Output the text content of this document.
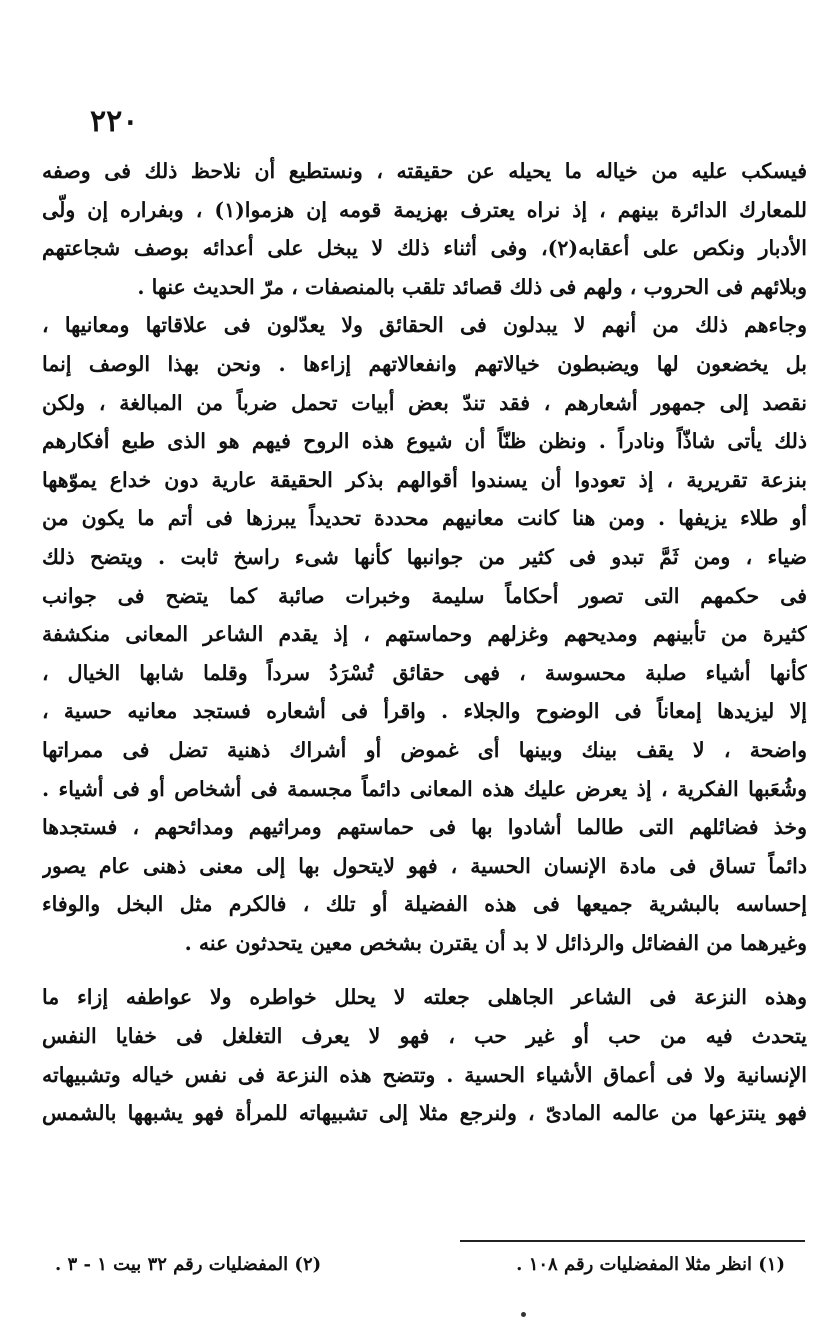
٢٢٠
فيسكب عليه من خياله ما يحيله عن حقيقته ، ونستطيع أن نلاحظ ذلك فى وصفه
للمعارك الدائرة بينهم ، إذ نراه يعترف بهزيمة قومه إن هزموا(١) ، وبفراره إن ولّى
الأدبار ونكص على أعقابه(٢)، وفى أثناء ذلك لا يبخل على أعدائه بوصف شجاعتهم
وبلائهم فى الحروب ، ولهم فى ذلك قصائد تلقب بالمنصفات ، مرّ الحديث عنها .
وجاءهم ذلك من أنهم لا يبدلون فى الحقائق ولا يعدّلون فى علاقاتها ومعانيها ،
بل يخضعون لها ويضبطون خيالاتهم وانفعالاتهم إزاءها . ونحن بهذا الوصف إنما
نقصد إلى جمهور أشعارهم ، فقد تندّ بعض أبيات تحمل ضرباً من المبالغة ، ولكن
ذلك يأتى شاذّاً ونادراً . ونظن ظنّاً أن شيوع هذه الروح فيهم هو الذى طبع أفكارهم
بنزعة تقريرية ، إذ تعودوا أن يسندوا أقوالهم بذكر الحقيقة عارية دون خداع يموّهها
أو طلاء يزيفها . ومن هنا كانت معانيهم محددة تحديداً يبرزها فى أتم ما يكون من
ضياء ، ومن ثَمَّ تبدو فى كثير من جوانبها كأنها شىء راسخ ثابت . ويتضح ذلك
فى حكمهم التى تصور أحكاماً سليمة وخبرات صائبة كما يتضح فى جوانب
كثيرة من تأبينهم ومديحهم وغزلهم وحماستهم ، إذ يقدم الشاعر المعانى منكشفة
كأنها أشياء صلبة محسوسة ، فهى حقائق تُسْرَدُ سرداً وقلما شابها الخيال ،
إلا ليزيدها إمعاناً فى الوضوح والجلاء . واقرأ فى أشعاره فستجد معانيه حسية ،
واضحة ، لا يقف بينك وبينها أى غموض أو أشراك ذهنية تضل فى ممراتها
وشُعَبها الفكرية ، إذ يعرض عليك هذه المعانى دائماً مجسمة فى أشخاص أو فى أشياء .
وخذ فضائلهم التى طالما أشادوا بها فى حماستهم ومراثيهم ومدائحهم ، فستجدها
دائماً تساق فى مادة الإنسان الحسية ، فهو لايتحول بها إلى معنى ذهنى عام يصور
إحساسه بالبشرية جميعها فى هذه الفضيلة أو تلك ، فالكرم مثل البخل والوفاء
وغيرهما من الفضائل والرذائل لا بد أن يقترن بشخص معين يتحدثون عنه .
وهذه النزعة فى الشاعر الجاهلى جعلته لا يحلل خواطره ولا عواطفه إزاء ما
يتحدث فيه من حب أو غير حب ، فهو لا يعرف التغلغل فى خفايا النفس
الإنسانية ولا فى أعماق الأشياء الحسية . وتتضح هذه النزعة فى نفس خياله وتشبيهاته
فهو ينتزعها من عالمه المادىّ ، ولنرجع مثلا إلى تشبيهاته للمرأة فهو يشبهها بالشمس
(١) انظر مثلا المفضليات رقم ١٠٨ .
(٢) المفضليات رقم ٣٢ بيت ١ - ٣ .
